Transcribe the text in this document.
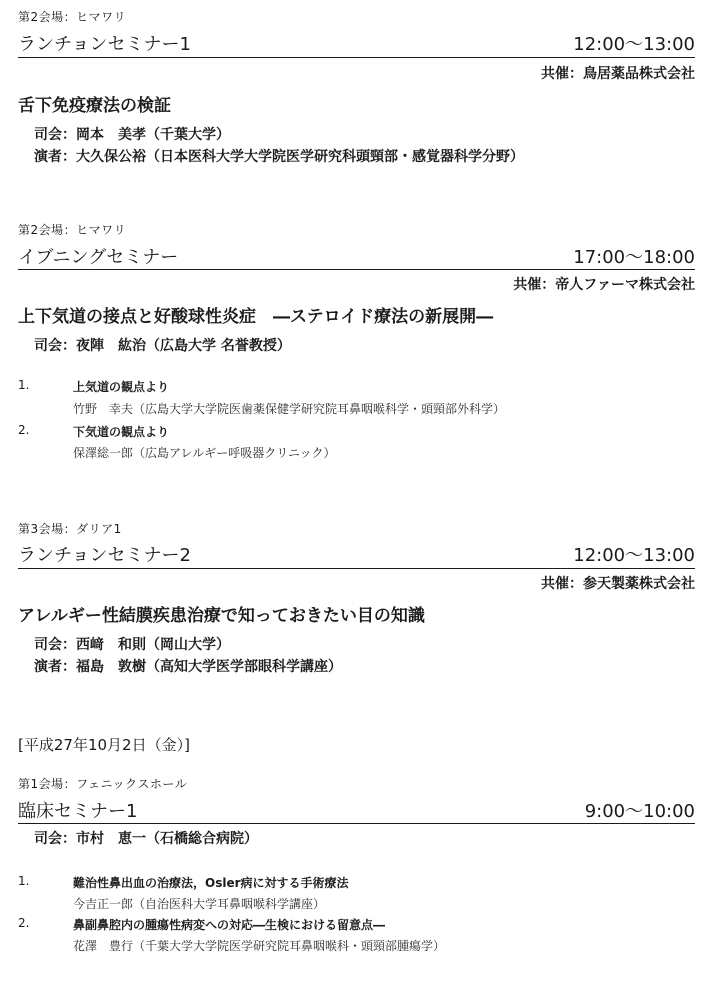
第2会場：ヒマワリ
ランチョンセミナー1	12:00〜13:00
共催：鳥居薬品株式会社
舌下免疫療法の検証
司会：岡本　美孝（千葉大学）
演者：大久保公裕（日本医科大学大学院医学研究科頭頸部・感覚器科学分野）
第2会場：ヒマワリ
イブニングセミナー	17:00〜18:00
共催：帝人ファーマ株式会社
上下気道の接点と好酸球性炎症　―ステロイド療法の新展開―
司会：夜陣　紘治（広島大学 名誉教授）
1.	上気道の観点より
竹野　幸夫（広島大学大学院医歯薬保健学研究院耳鼻咽喉科学・頭頸部外科学）
2.	下気道の観点より
保澤総一郎（広島アレルギー呼吸器クリニック）
第3会場：ダリア1
ランチョンセミナー2	12:00〜13:00
共催：参天製薬株式会社
アレルギー性結膜疾患治療で知っておきたい目の知識
司会：西﨑　和則（岡山大学）
演者：福島　敦樹（高知大学医学部眼科学講座）
[平成27年10月2日（金）]
第1会場：フェニックスホール
臨床セミナー1	9:00〜10:00
司会：市村　恵一（石橋総合病院）
1.	難治性鼻出血の治療法，Osler病に対する手術療法
今吉正一郎（自治医科大学耳鼻咽喉科学講座）
2.	鼻副鼻腔内の腫瘍性病変への対応―生検における留意点―
花澤　豊行（千葉大学大学院医学研究院耳鼻咽喉科・頭頸部腫瘍学）
